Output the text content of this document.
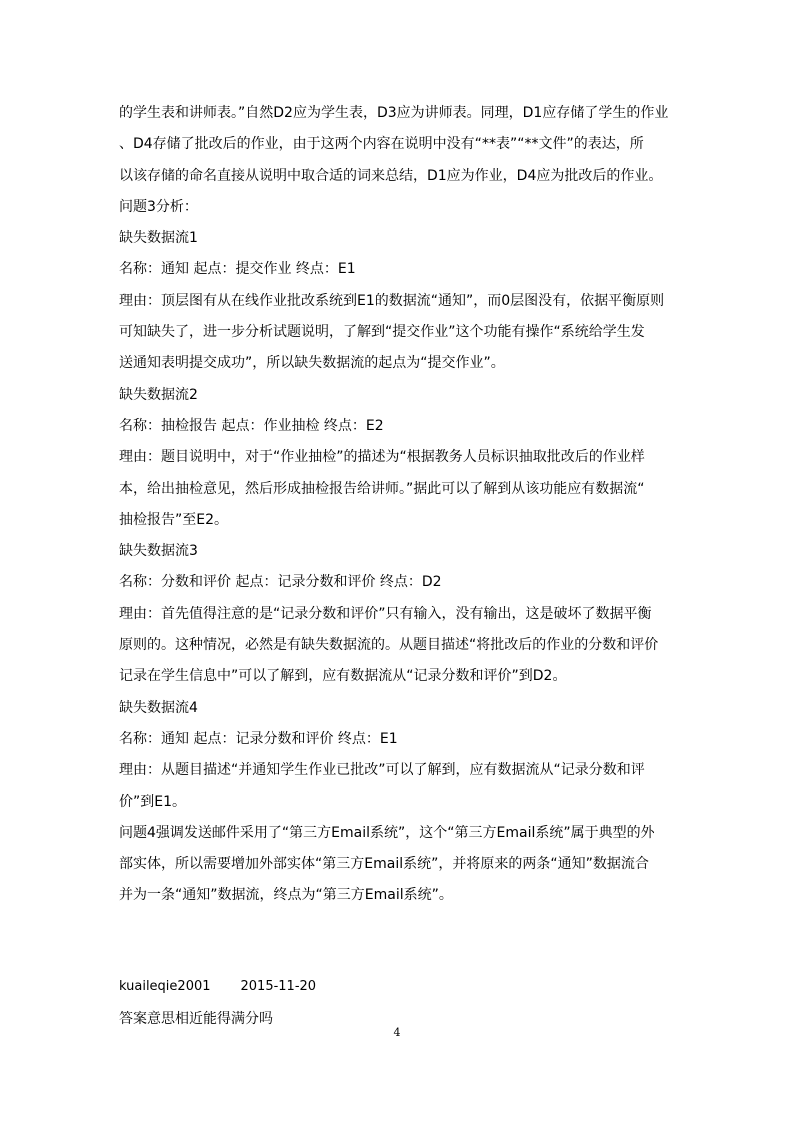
的学生表和讲师表。”自然D2应为学生表，D3应为讲师表。同理，D1应存储了学生的作业
、D4存储了批改后的作业，由于这两个内容在说明中没有“**表”“**文件”的表达，所
以该存储的命名直接从说明中取合适的词来总结，D1应为作业，D4应为批改后的作业。
问题3分析：
缺失数据流1
名称：通知 起点：提交作业 终点：E1
理由：顶层图有从在线作业批改系统到E1的数据流“通知”，而0层图没有，依据平衡原则
可知缺失了，进一步分析试题说明，了解到“提交作业”这个功能有操作“系统给学生发
送通知表明提交成功”，所以缺失数据流的起点为“提交作业”。
缺失数据流2
名称：抽检报告 起点：作业抽检 终点：E2
理由：题目说明中，对于“作业抽检”的描述为“根据教务人员标识抽取批改后的作业样
本，给出抽检意见，然后形成抽检报告给讲师。”据此可以了解到从该功能应有数据流“
抽检报告”至E2。
缺失数据流3
名称：分数和评价 起点：记录分数和评价 终点：D2
理由：首先值得注意的是“记录分数和评价”只有输入，没有输出，这是破坏了数据平衡
原则的。这种情况，必然是有缺失数据流的。从题目描述“将批改后的作业的分数和评价
记录在学生信息中”可以了解到，应有数据流从“记录分数和评价”到D2。
缺失数据流4
名称：通知 起点：记录分数和评价 终点：E1
理由：从题目描述“并通知学生作业已批改”可以了解到，应有数据流从“记录分数和评
价”到E1。
问题4强调发送邮件采用了“第三方Email系统”，这个“第三方Email系统”属于典型的外
部实体，所以需要增加外部实体“第三方Email系统”，并将原来的两条“通知”数据流合
并为一条“通知”数据流，终点为“第三方Email系统”。
kuaileqie2001 2015-11-20
答案意思相近能得满分吗
4
